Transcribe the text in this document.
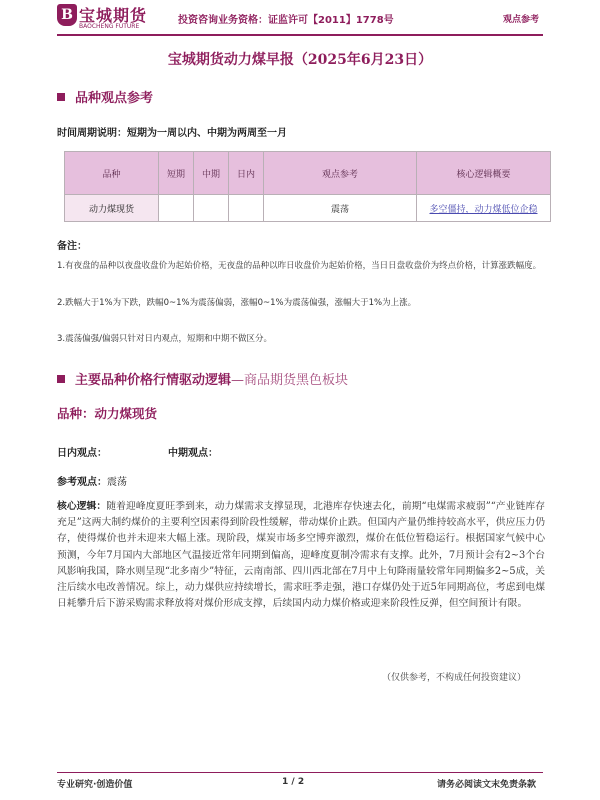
B 宝城期货
BAOCHENG FUTURE
投资咨询业务资格：证监许可【2011】1778号	观点参考
宝城期货动力煤早报（2025年6月23日）
品种观点参考
时间周期说明：短期为一周以内、中期为两周至一月
品种	短期	中期	日内	观点参考	核心逻辑概要
动力煤现货				震荡	多空僵持，动力煤低位企稳
备注：
1.有夜盘的品种以夜盘收盘价为起始价格，无夜盘的品种以昨日收盘价为起始价格，当日日盘收盘价为终点价格，计算涨跌幅度。
2.跌幅大于1%为下跌，跌幅0~1%为震荡偏弱，涨幅0~1%为震荡偏强，涨幅大于1%为上涨。
3.震荡偏强/偏弱只针对日内观点，短期和中期不做区分。
主要品种价格行情驱动逻辑—商品期货黑色板块
品种：动力煤现货
日内观点：	中期观点：
参考观点：震荡
核心逻辑：随着迎峰度夏旺季到来，动力煤需求支撑显现，北港库存快速去化，前期“电煤需求疲弱”“产业链库存充足”这两大制约煤价的主要利空因素得到阶段性缓解，带动煤价止跌。但国内产量仍维持较高水平，供应压力仍存，使得煤价也并未迎来大幅上涨。现阶段，煤炭市场多空博弈激烈，煤价在低位暂稳运行。根据国家气候中心预测，今年7月国内大部地区气温接近常年同期到偏高，迎峰度夏制冷需求有支撑。此外，7月预计会有2~3个台风影响我国，降水则呈现“北多南少”特征，云南南部、四川西北部在7月中上旬降雨量较常年同期偏多2~5成，关注后续水电改善情况。综上，动力煤供应持续增长，需求旺季走强，港口存煤仍处于近5年同期高位，考虑到电煤日耗攀升后下游采购需求释放将对煤价形成支撑，后续国内动力煤价格或迎来阶段性反弹，但空间预计有限。
（仅供参考，不构成任何投资建议）
专业研究·创造价值	1 / 2	请务必阅读文末免责条款
